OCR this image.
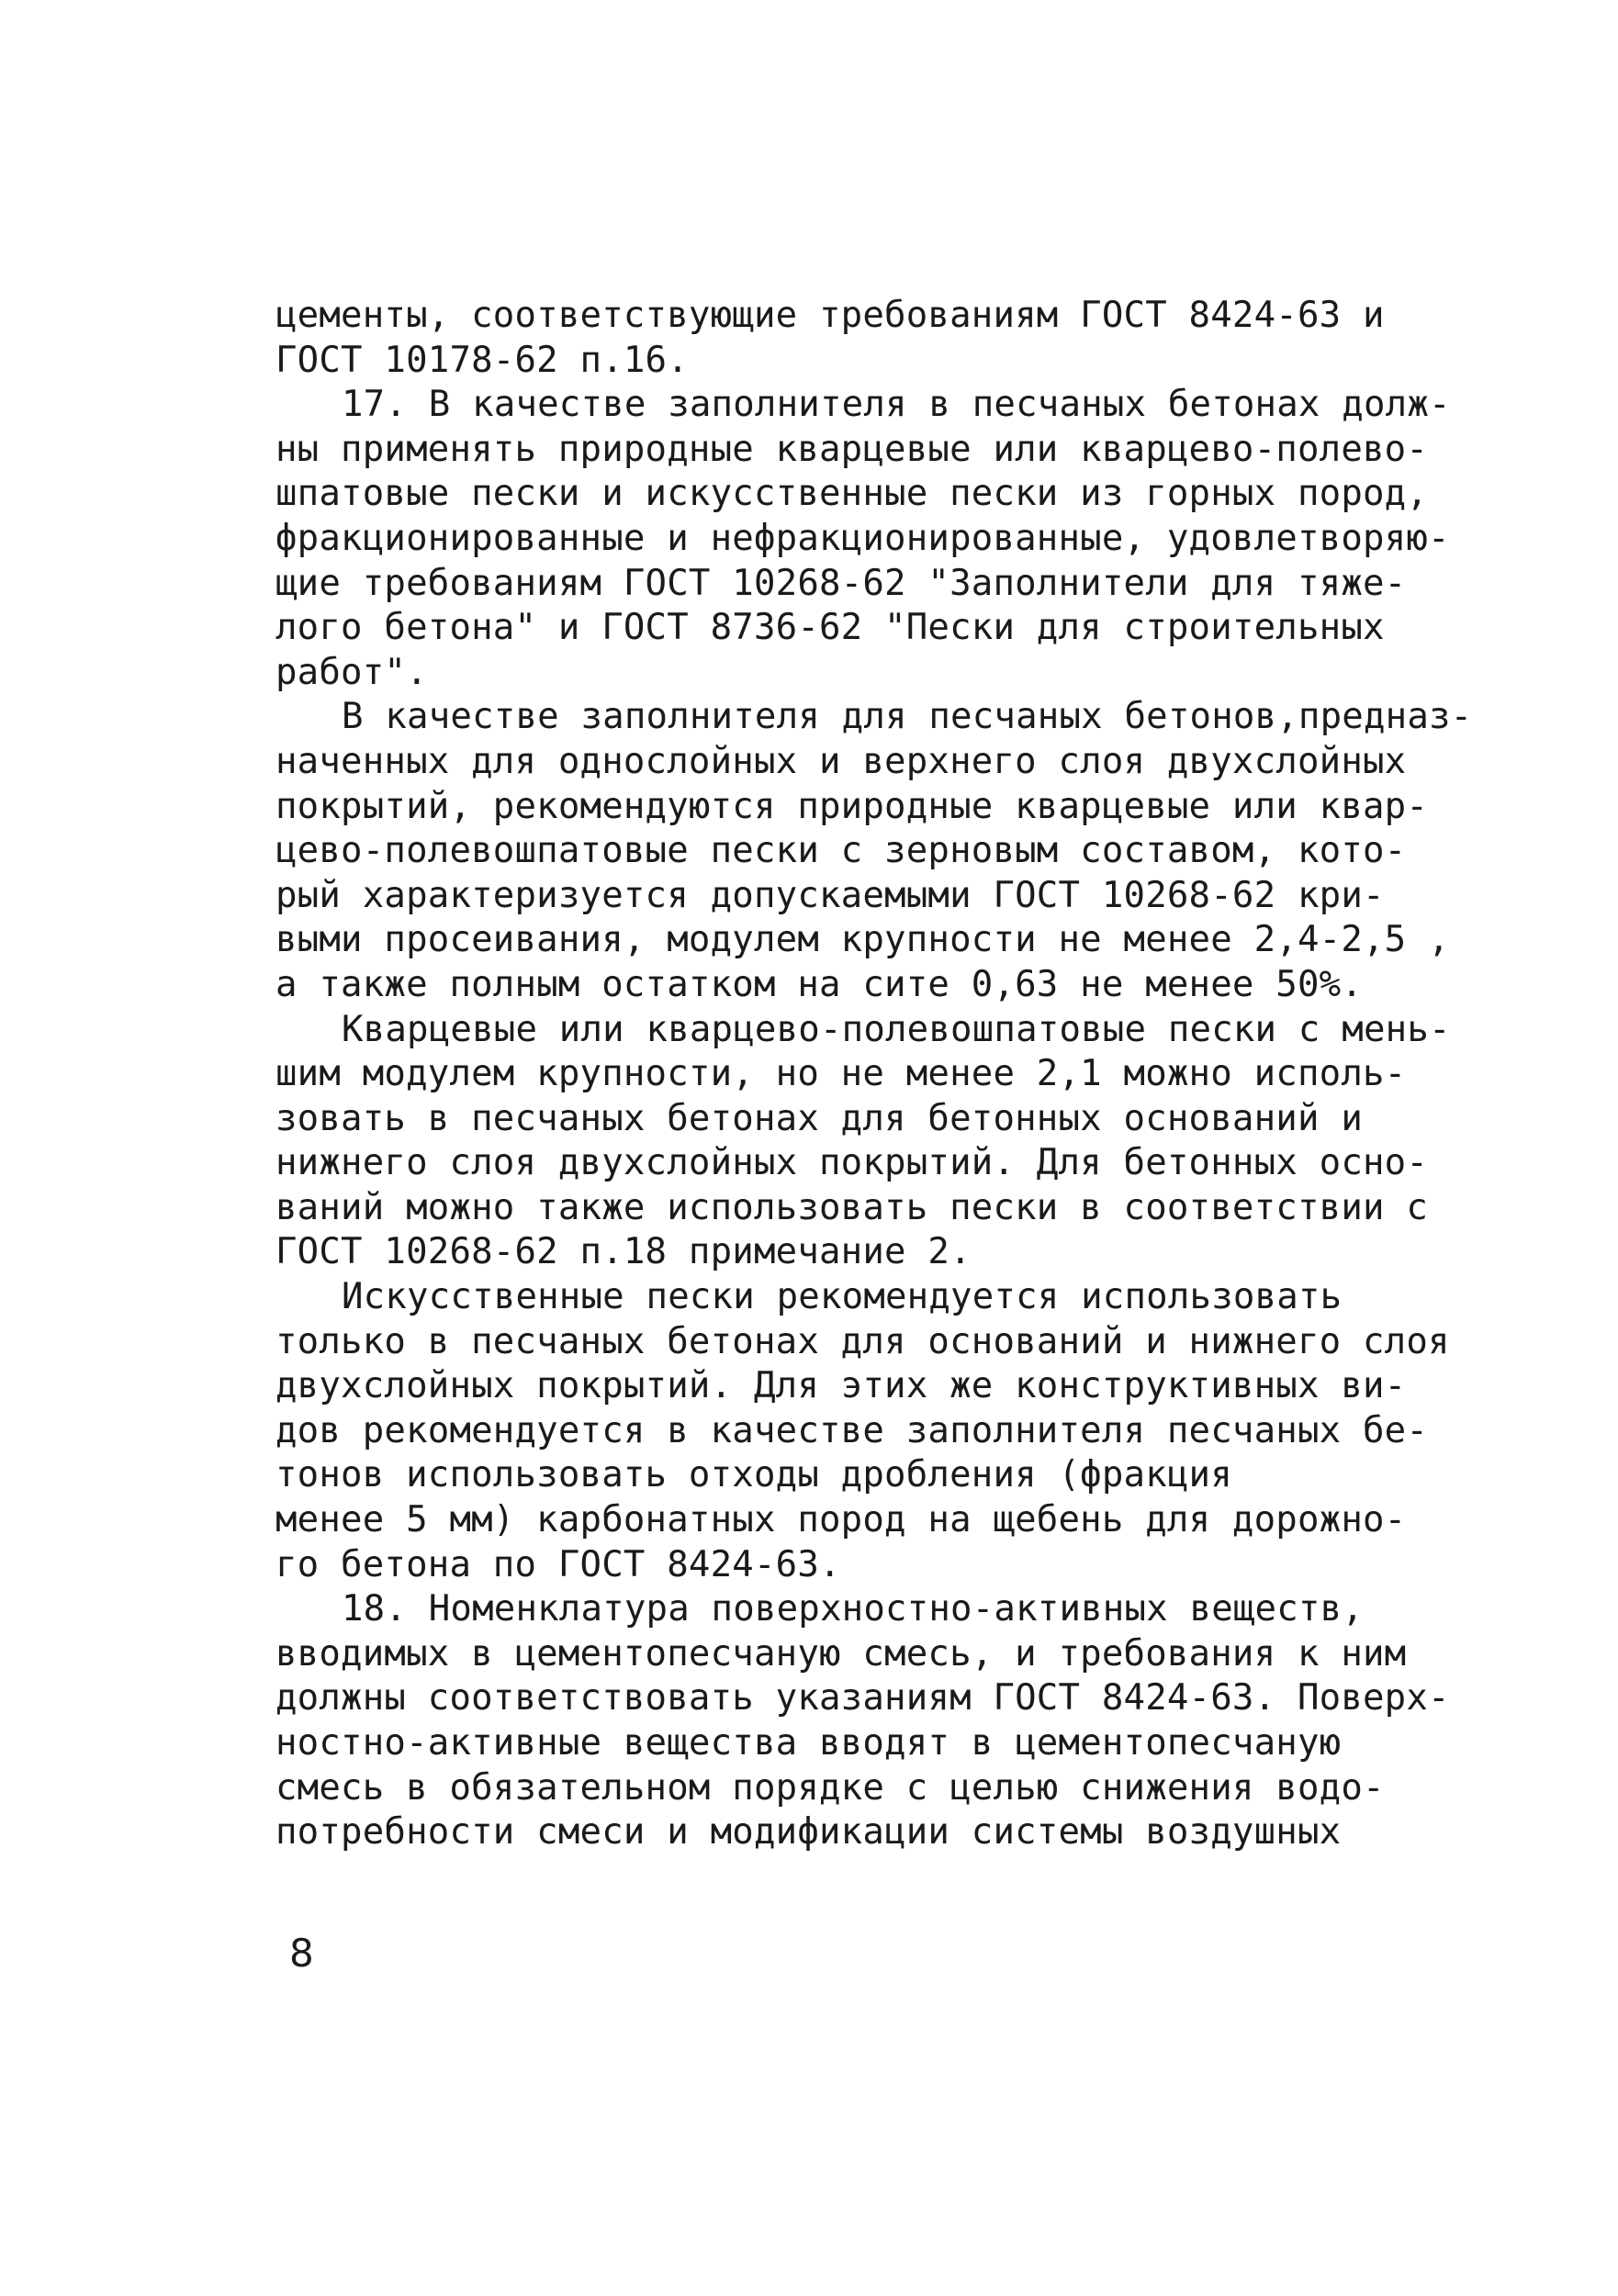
цементы, соответствующие требованиям ГОСТ 8424-63 и
ГОСТ 10178-62 п.16.
17. В качестве заполнителя в песчаных бетонах долж-
ны применять природные кварцевые или кварцево-полево-
шпатовые пески и искусственные пески из горных пород,
фракционированные и нефракционированные, удовлетворяю-
щие требованиям ГОСТ 10268-62 "Заполнители для тяже-
лого бетона" и ГОСТ 8736-62 "Пески для строительных
работ".
В качестве заполнителя для песчаных бетонов,предназ-
наченных для однослойных и верхнего слоя двухслойных
покрытий, рекомендуются природные кварцевые или квар-
цево-полевошпатовые пески с зерновым составом, кото-
рый характеризуется допускаемыми ГОСТ 10268-62 кри-
выми просеивания, модулем крупности не менее 2,4-2,5 ,
а также полным остатком на сите 0,63 не менее 50%.
Кварцевые или кварцево-полевошпатовые пески с мень-
шим модулем крупности, но не менее 2,1 можно исполь-
зовать в песчаных бетонах для бетонных оснований и
нижнего слоя двухслойных покрытий. Для бетонных осно-
ваний можно также использовать пески в соответствии с
ГОСТ 10268-62 п.18 примечание 2.
Искусственные пески рекомендуется использовать
только в песчаных бетонах для оснований и нижнего слоя
двухслойных покрытий. Для этих же конструктивных ви-
дов рекомендуется в качестве заполнителя песчаных бе-
тонов использовать отходы дробления (фракция
менее 5 мм) карбонатных пород на щебень для дорожно-
го бетона по ГОСТ 8424-63.
18. Номенклатура поверхностно-активных веществ,
вводимых в цементопесчаную смесь, и требования к ним
должны соответствовать указаниям ГОСТ 8424-63. Поверх-
ностно-активные вещества вводят в цементопесчаную
смесь в обязательном порядке с целью снижения водо-
потребности смеси и модификации системы воздушных
8
